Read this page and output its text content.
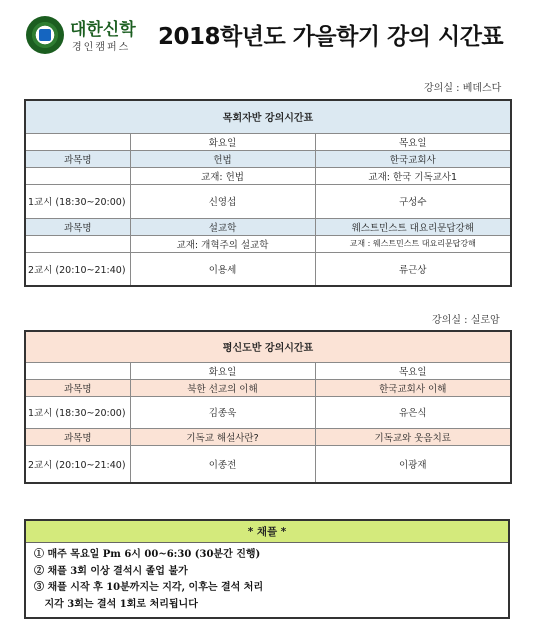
대한신학
경인캠퍼스 2018학년도 가을학기 강의 시간표
강의실 : 베데스다
목회자반 강의시간표		
	화요일	목요일
과목명	헌법	한국교회사
	교재: 헌법	교재: 한국 기독교사1
1교시 (18:30~20:00)	신영섭	구성수
과목명	설교학	웨스트민스트 대요리문답강해
	교재: 개혁주의 설교학	교재 : 웨스트민스트 대요리문답강해
2교시 (20:10~21:40)	이용세	류근상
강의실 : 실로암
평신도반 강의시간표		
	화요일	목요일
과목명	북한 선교의 이해	한국교회사 이해
1교시 (18:30~20:00)	김종욱	유은식
과목명	기독교 해설사란?	기독교와 웃음치료
2교시 (20:10~21:40)	이종전	이광재
* 채플 *
① 매주 목요일 Pm 6시 00~6:30 (30분간 진행)
② 채플 3회 이상 결석시 졸업 불가
③ 채플 시작 후 10분까지는 지각, 이후는 결석 처리
지각 3회는 결석 1회로 처리됩니다
